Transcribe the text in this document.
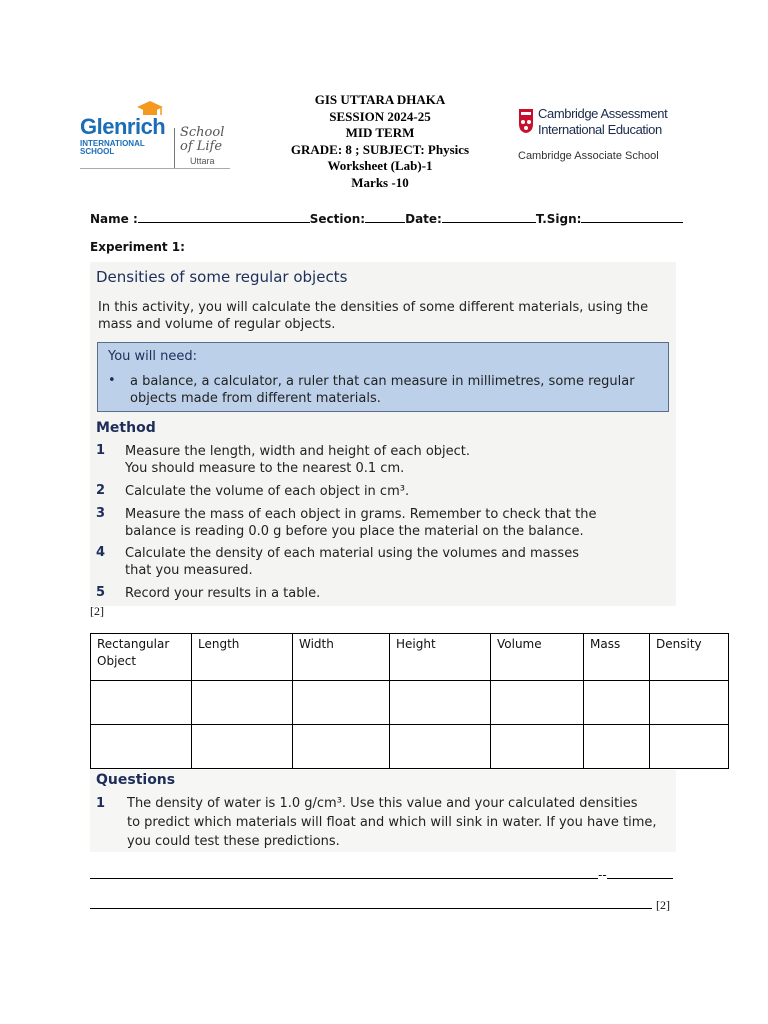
Glenrich
INTERNATIONAL
SCHOOL
School
of Life
Uttara
GIS UTTARA DHAKA
SESSION 2024-25
MID TERM
GRADE: 8 ; SUBJECT: Physics
Worksheet (Lab)-1
Marks -10
Cambridge Assessment
International Education
Cambridge Associate School
Name :	Section:	Date:	T.Sign:
Experiment 1:
Densities of some regular objects
In this activity, you will calculate the densities of some different materials, using the mass and volume of regular objects.
You will need:
• a balance, a calculator, a ruler that can measure in millimetres, some regular objects made from different materials.
Method
1 Measure the length, width and height of each object.
You should measure to the nearest 0.1 cm.
2 Calculate the volume of each object in cm³.
3 Measure the mass of each object in grams. Remember to check that the
balance is reading 0.0 g before you place the material on the balance.
4 Calculate the density of each material using the volumes and masses
that you measured.
5 Record your results in a table.
[2]
Rectangular Object	Length	Width	Height	Volume	Mass	Density

Questions
1 The density of water is 1.0 g/cm³. Use this value and your calculated densities
to predict which materials will float and which will sink in water. If you have time,
you could test these predictions.
--
[2]
